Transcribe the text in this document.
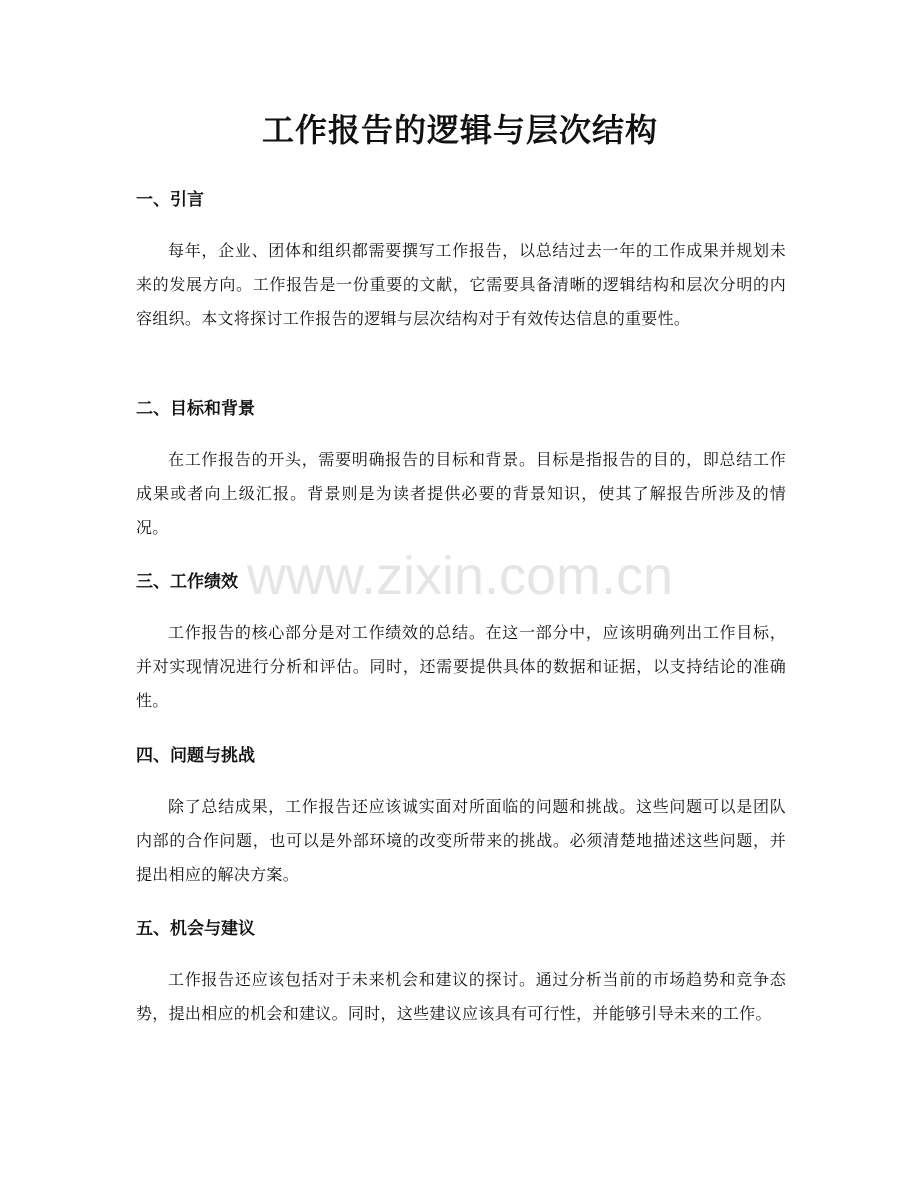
工作报告的逻辑与层次结构
一、引言

每年，企业、团体和组织都需要撰写工作报告，以总结过去一年的工作成果并规划未来的发展方向。工作报告是一份重要的文献，它需要具备清晰的逻辑结构和层次分明的内容组织。本文将探讨工作报告的逻辑与层次结构对于有效传达信息的重要性。

二、目标和背景

在工作报告的开头，需要明确报告的目标和背景。目标是指报告的目的，即总结工作成果或者向上级汇报。背景则是为读者提供必要的背景知识，使其了解报告所涉及的情况。

三、工作绩效

工作报告的核心部分是对工作绩效的总结。在这一部分中，应该明确列出工作目标，并对实现情况进行分析和评估。同时，还需要提供具体的数据和证据，以支持结论的准确性。

四、问题与挑战

除了总结成果，工作报告还应该诚实面对所面临的问题和挑战。这些问题可以是团队内部的合作问题，也可以是外部环境的改变所带来的挑战。必须清楚地描述这些问题，并提出相应的解决方案。

五、机会与建议

工作报告还应该包括对于未来机会和建议的探讨。通过分析当前的市场趋势和竞争态势，提出相应的机会和建议。同时，这些建议应该具有可行性，并能够引导未来的工作。

www.zixin.com.cn
